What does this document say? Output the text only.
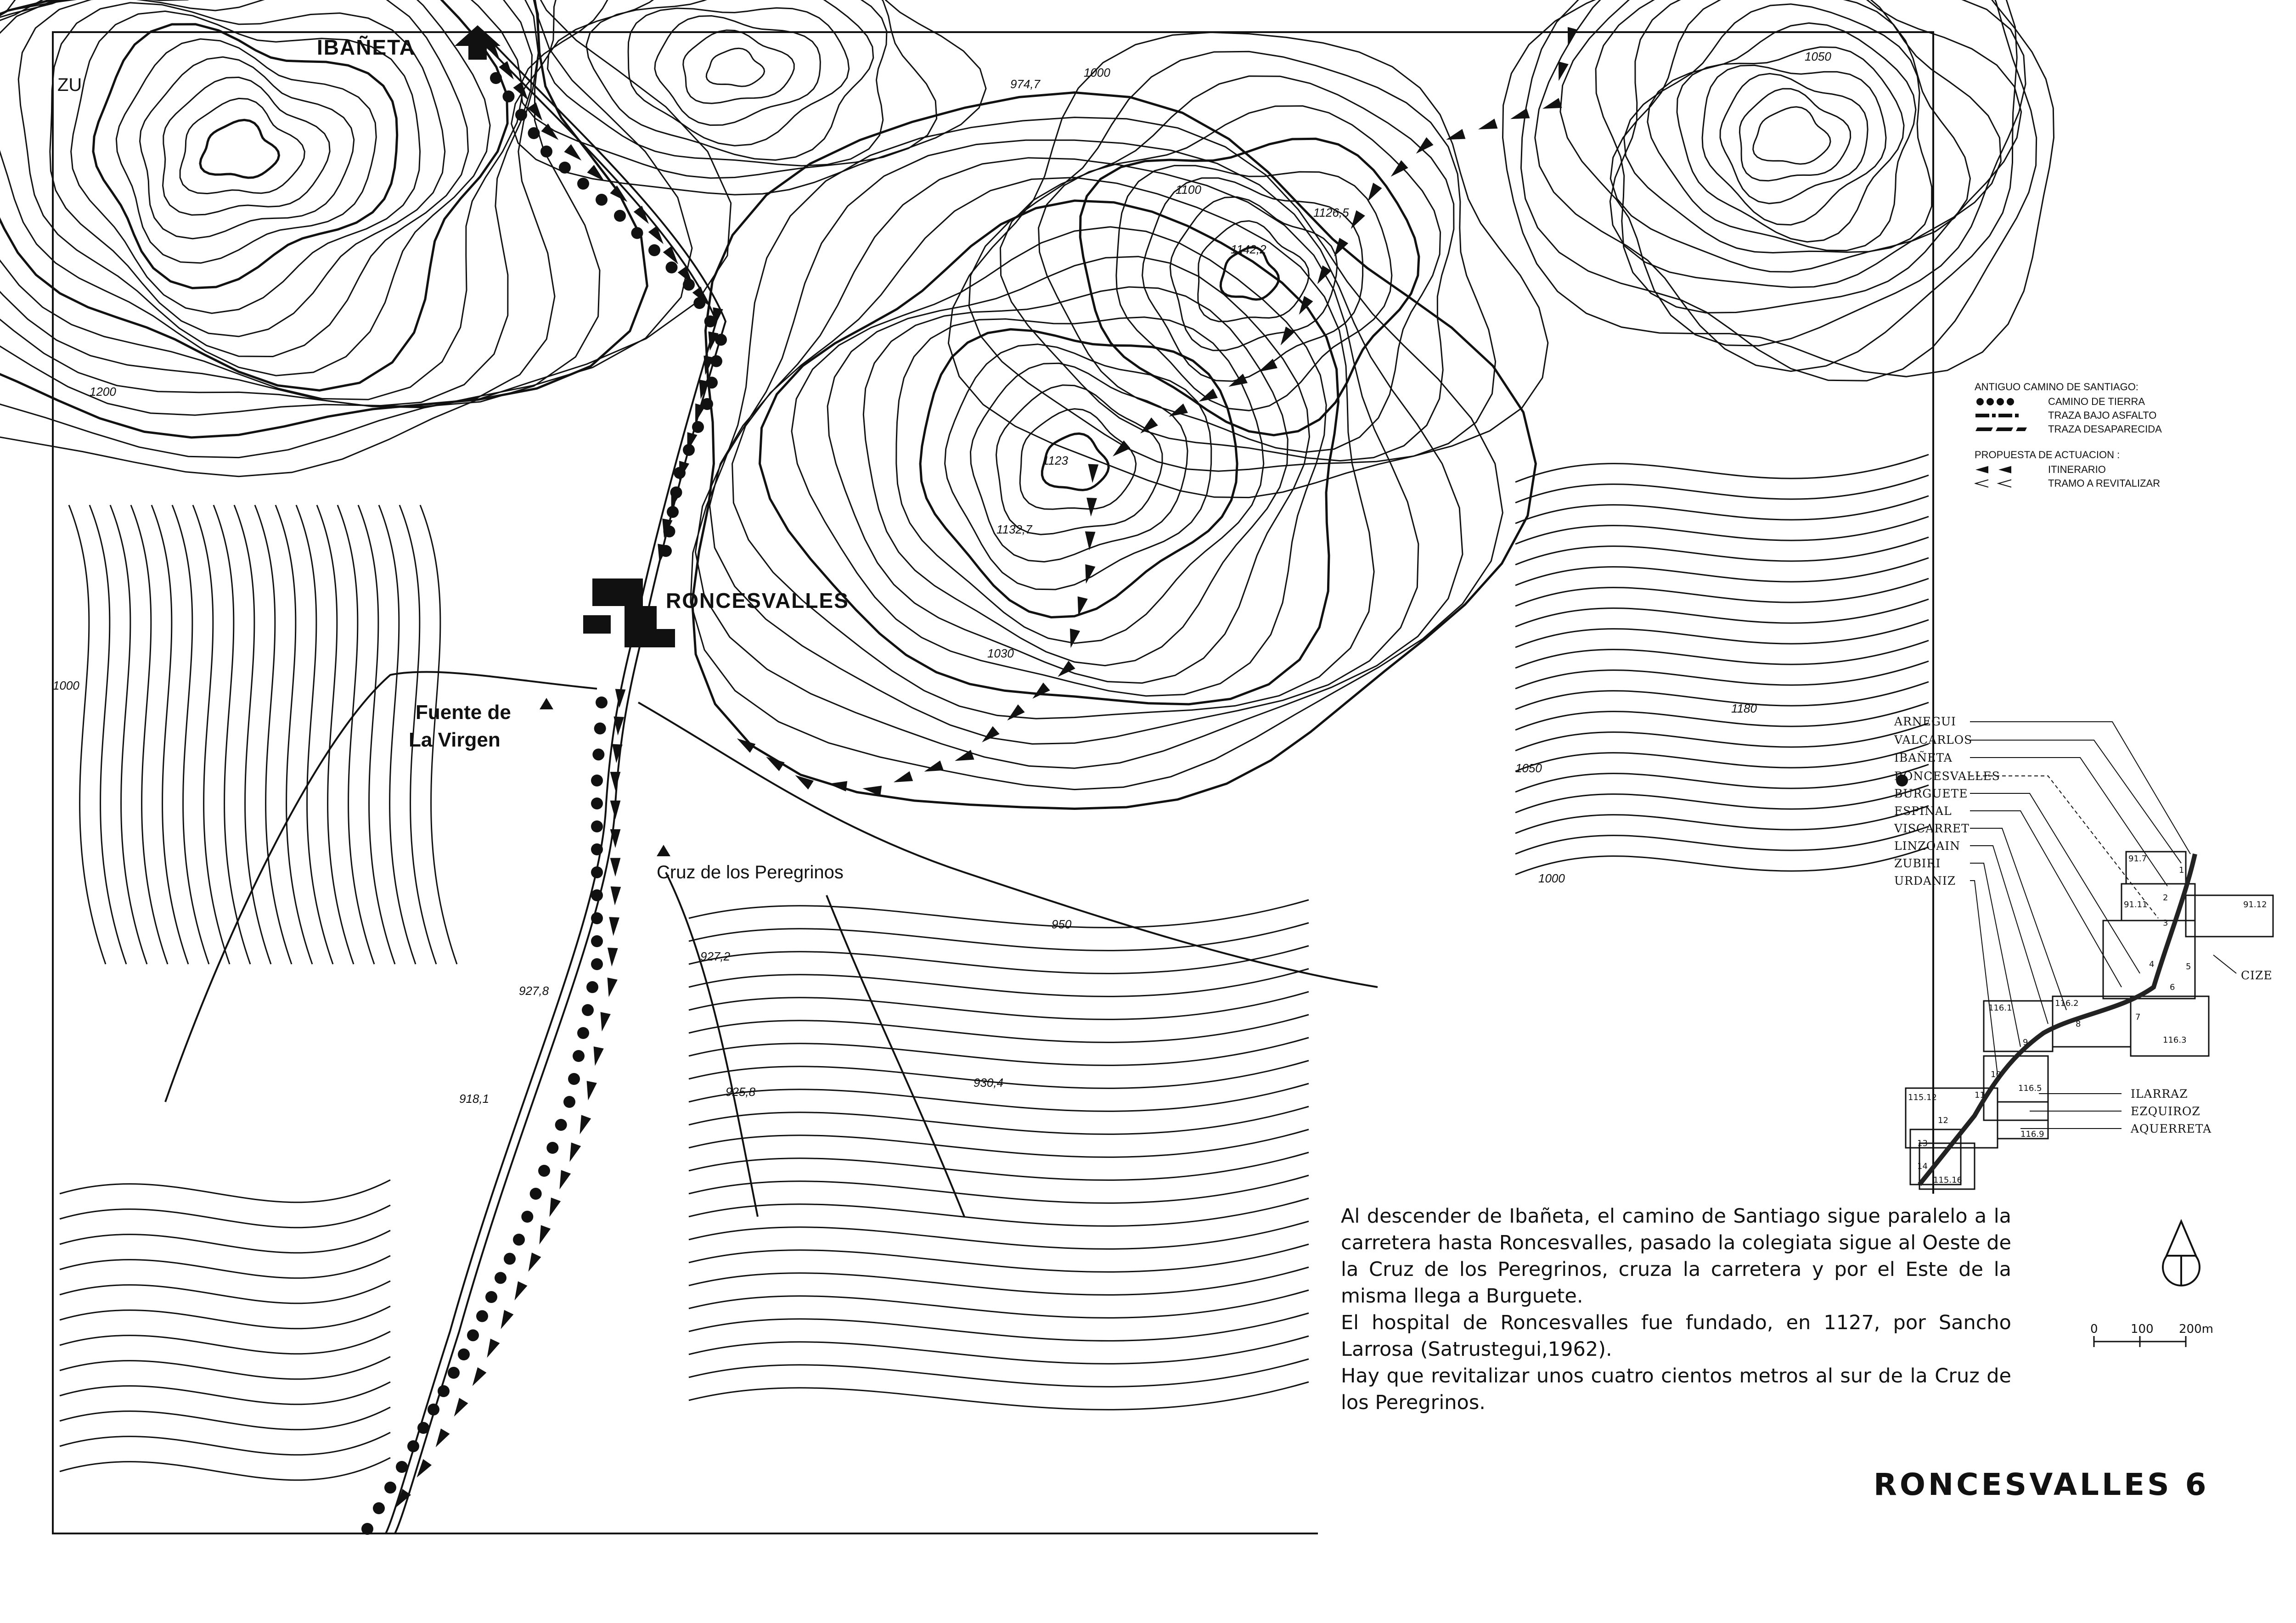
IBAÑETA
ZU
RONCESVALLES
Fuente de
La Virgen
Cruz de los Peregrinos
974,7
1000
1050
1100
1126,5
1142,2
1123
1132,7
1030
1200
1050
1000
950
927,2
927,8
918,1	925,8
930,4
1180
1000
ANTIGUO CAMINO DE SANTIAGO:
CAMINO DE TIERRA
TRAZA BAJO ASFALTO
TRAZA DESAPARECIDA
PROPUESTA DE ACTUACION :
ITINERARIO
TRAMO A REVITALIZAR
ARNEGUI
VALCARLOS
IBAÑETA
RONCESVALLES
BURGUETE
ESPINAL
VISCARRET
LINZOAIN
ZUBIRI
URDANIZ
ILARRAZ
EZQUIROZ
AQUERRETA
CIZE
91.7
91.11	91.12
116.1	116.2
116.3
116.5
115.12
116.9
115.16
1
2
3
4	5
6
7
8
9
10
11
12
13
14

Al descender de Ibañeta, el camino de Santiago sigue paralelo a la carretera hasta Roncesvalles, pasado la colegiata sigue al Oeste de la Cruz de los Peregrinos, cruza la carretera y por el Este de la misma llega a Burguete.

El hospital de Roncesvalles fue fundado, en 1127, por Sancho Larrosa (Satrustegui,1962).

Hay que revitalizar unos cuatro cientos metros al sur de la Cruz de los Peregrinos.

0	100 200m
RONCESVALLES 6
